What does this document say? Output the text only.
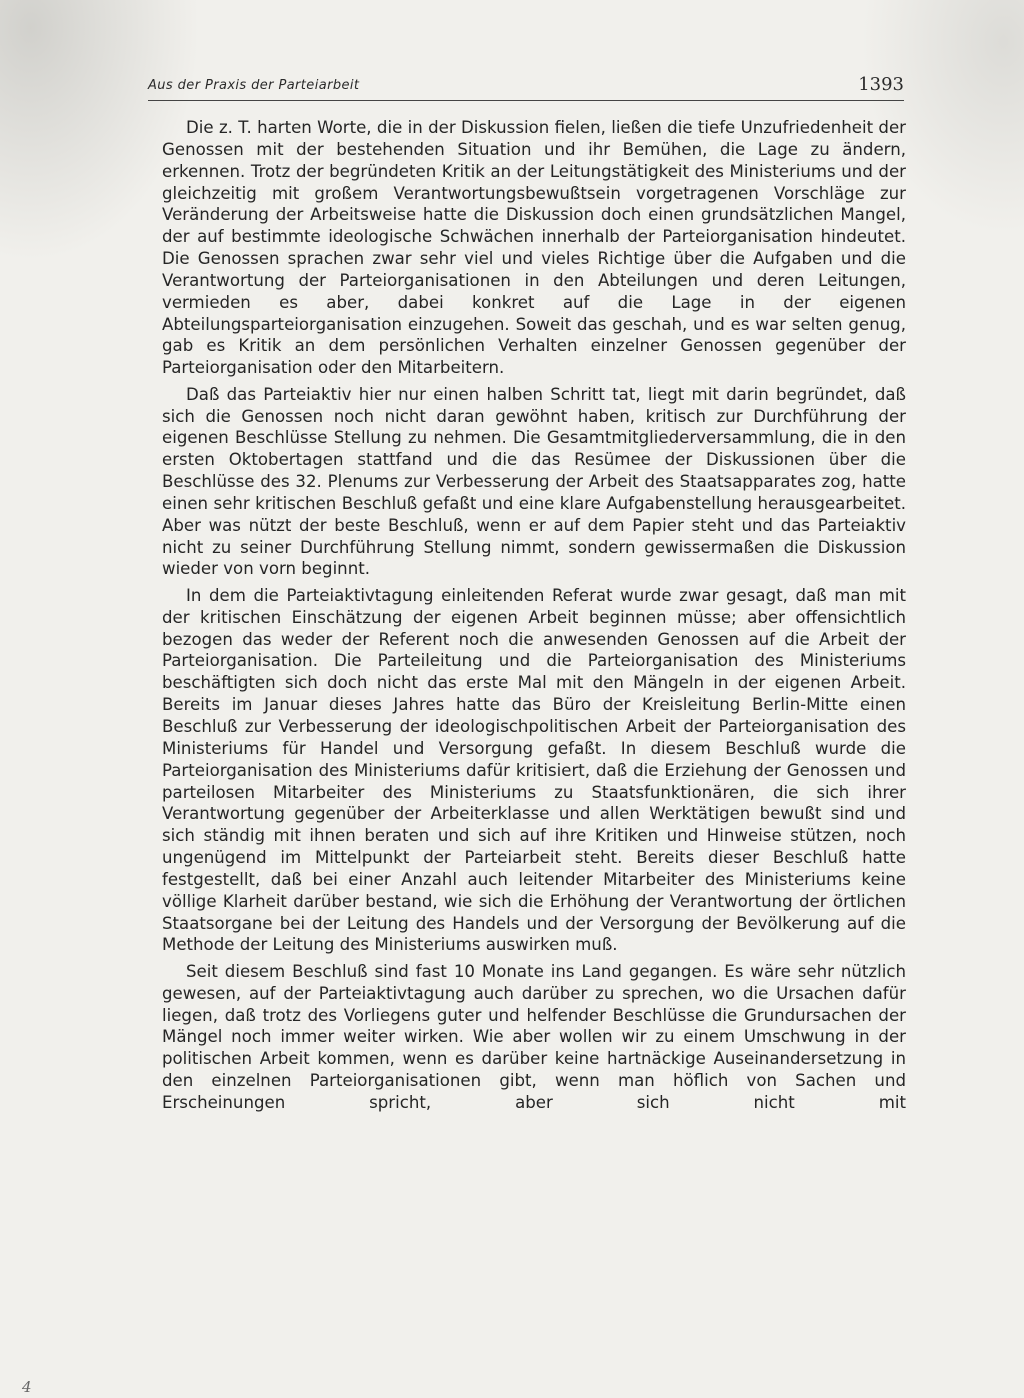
Aus der Praxis der Parteiarbeit	1393

Die z. T. harten Worte, die in der Diskussion fielen, ließen die tiefe Unzufriedenheit der Genossen mit der bestehenden Situation und ihr Bemühen, die Lage zu ändern, erkennen. Trotz der begründeten Kritik an der Leitungstätigkeit des Ministeriums und der gleichzeitig mit großem Verantwortungsbewußtsein vorgetragenen Vorschläge zur Veränderung der Arbeitsweise hatte die Diskussion doch einen grundsätzlichen Mangel, der auf bestimmte ideologische Schwächen innerhalb der Parteiorganisation hindeutet. Die Genossen sprachen zwar sehr viel und vieles Richtige über die Aufgaben und die Verantwortung der Parteiorganisationen in den Abteilungen und deren Leitungen, vermieden es aber, dabei konkret auf die Lage in der eigenen Abteilungsparteiorganisation einzugehen. Soweit das geschah, und es war selten genug, gab es Kritik an dem persönlichen Verhalten einzelner Genossen gegenüber der Parteiorganisation oder den Mitarbeitern.

Daß das Parteiaktiv hier nur einen halben Schritt tat, liegt mit darin begründet, daß sich die Genossen noch nicht daran gewöhnt haben, kritisch zur Durchführung der eigenen Beschlüsse Stellung zu nehmen. Die Gesamtmitgliederversammlung, die in den ersten Oktobertagen stattfand und die das Resümee der Diskussionen über die Beschlüsse des 32. Plenums zur Verbesserung der Arbeit des Staatsapparates zog, hatte einen sehr kritischen Beschluß gefaßt und eine klare Aufgabenstellung herausgearbeitet. Aber was nützt der beste Beschluß, wenn er auf dem Papier steht und das Parteiaktiv nicht zu seiner Durchführung Stellung nimmt, sondern gewissermaßen die Diskussion wieder von vorn beginnt.

In dem die Parteiaktivtagung einleitenden Referat wurde zwar gesagt, daß man mit der kritischen Einschätzung der eigenen Arbeit beginnen müsse; aber offensichtlich bezogen das weder der Referent noch die anwesenden Genossen auf die Arbeit der Parteiorganisation. Die Parteileitung und die Parteiorganisation des Ministeriums beschäftigten sich doch nicht das erste Mal mit den Mängeln in der eigenen Arbeit. Bereits im Januar dieses Jahres hatte das Büro der Kreisleitung Berlin-Mitte einen Beschluß zur Verbesserung der ideologischpolitischen Arbeit der Parteiorganisation des Ministeriums für Handel und Versorgung gefaßt. In diesem Beschluß wurde die Parteiorganisation des Ministeriums dafür kritisiert, daß die Erziehung der Genossen und parteilosen Mitarbeiter des Ministeriums zu Staatsfunktionären, die sich ihrer Verantwortung gegenüber der Arbeiterklasse und allen Werktätigen bewußt sind und sich ständig mit ihnen beraten und sich auf ihre Kritiken und Hinweise stützen, noch ungenügend im Mittelpunkt der Parteiarbeit steht. Bereits dieser Beschluß hatte festgestellt, daß bei einer Anzahl auch leitender Mitarbeiter des Ministeriums keine völlige Klarheit darüber bestand, wie sich die Erhöhung der Verantwortung der örtlichen Staatsorgane bei der Leitung des Handels und der Versorgung der Bevölkerung auf die Methode der Leitung des Ministeriums auswirken muß.

Seit diesem Beschluß sind fast 10 Monate ins Land gegangen. Es wäre sehr nützlich gewesen, auf der Parteiaktivtagung auch darüber zu sprechen, wo die Ursachen dafür liegen, daß trotz des Vorliegens guter und helfender Beschlüsse die Grundursachen der Mängel noch immer weiter wirken. Wie aber wollen wir zu einem Umschwung in der politischen Arbeit kommen, wenn es darüber keine hartnäckige Auseinandersetzung in den einzelnen Parteiorganisationen gibt, wenn man höflich von Sachen und Erscheinungen spricht, aber sich nicht mit

4
